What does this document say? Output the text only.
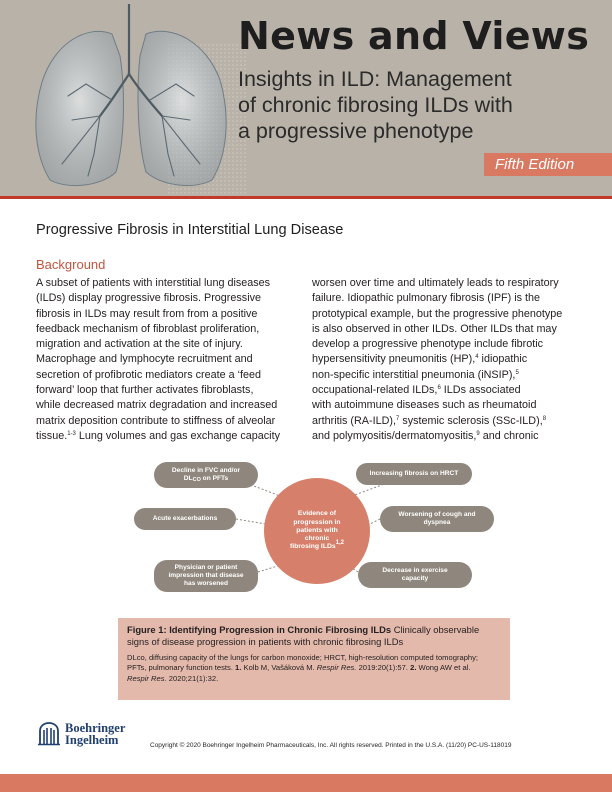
News and Views
Insights in ILD: Management
of chronic fibrosing ILDs with
a progressive phenotype
Fifth Edition
Progressive Fibrosis in Interstitial Lung Disease
Background
A subset of patients with interstitial lung diseases
(ILDs) display progressive fibrosis. Progressive
fibrosis in ILDs may result from from a positive
feedback mechanism of fibroblast proliferation,
migration and activation at the site of injury.
Macrophage and lymphocyte recruitment and
secretion of profibrotic mediators create a ‘feed
forward’ loop that further activates fibroblasts,
while decreased matrix degradation and increased
matrix deposition contribute to stiffness of alveolar
tissue.$^{1-3}$ Lung volumes and gas exchange capacity
worsen over time and ultimately leads to respiratory
failure. Idiopathic pulmonary fibrosis (IPF) is the
prototypical example, but the progressive phenotype
is also observed in other ILDs. Other ILDs that may
develop a progressive phenotype include fibrotic
hypersensitivity pneumonitis (HP),$^4$ idiopathic
non-specific interstitial pneumonia (iNSIP),$^5$
occupational-related ILDs,$^6$ ILDs associated
with autoimmune diseases such as rheumatoid
arthritis (RA-ILD),$^7$ systemic sclerosis (SSc-ILD),$^8$
and polymyositis/dermatomyositis,$^9$ and chronic
Decline in FVC and/or
$DL_{CO}$ on PFTs
Increasing fibrosis on HRCT
Acute exacerbations
Worsening of cough and
dyspnea
Physician or patient
impression that disease
has worsened
Decrease in exercise
capacity
Evidence of
progression in
patients with
chronic
fibrosing ILDs$^{1,2}$
Figure 1: Identifying Progression in Chronic Fibrosing ILDs Clinically observable
signs of disease progression in patients with chronic fibrosing ILDs
DLco, diffusing capacity of the lungs for carbon monoxide; HRCT, high-resolution computed tomography;
PFTs, pulmonary function tests. 1. Kolb M, Vašáková M. Respir Res. 2019:20(1):57. 2. Wong AW et al.
Respir Res. 2020;21(1):32.
Boehringer
Ingelheim	Copyright © 2020 Boehringer Ingelheim Pharmaceuticals, Inc. All rights reserved. Printed in the U.S.A. (11/20) PC-US-118019
